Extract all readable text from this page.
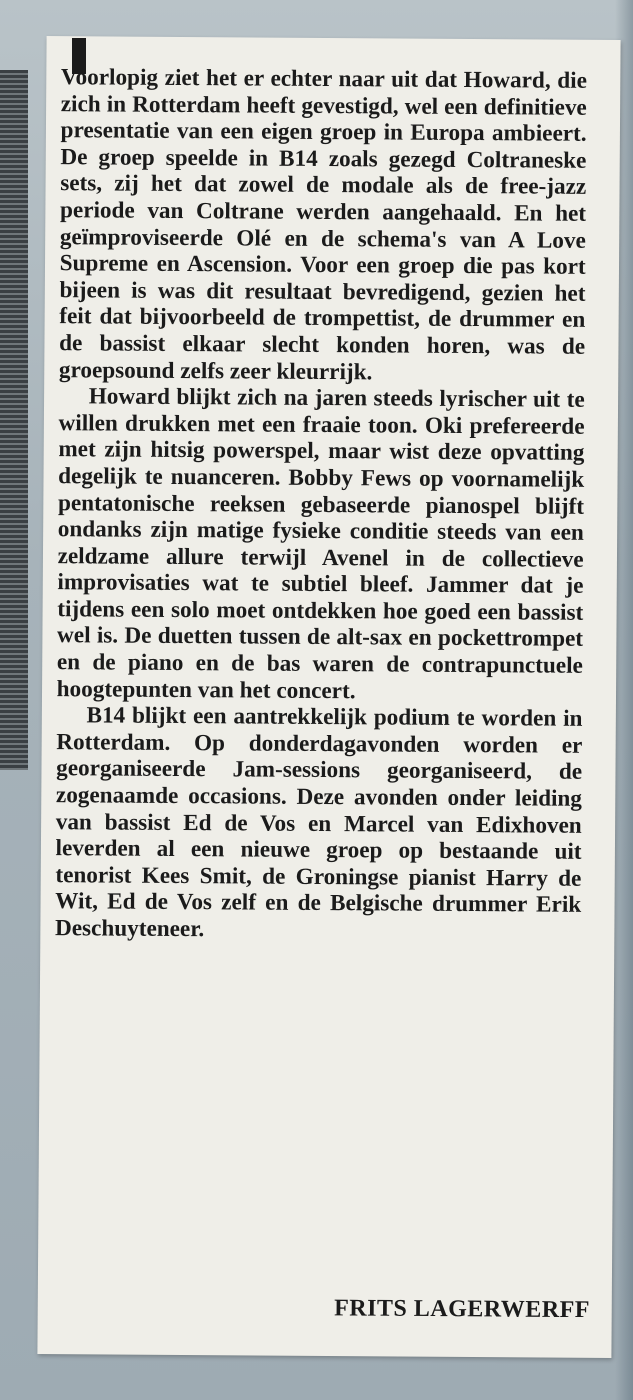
Voorlopig ziet het er echter naar uit dat Howard, die zich in Rotterdam heeft gevestigd, wel een definitieve presentatie van een eigen groep in Europa ambieert. De groep speelde in B14 zoals gezegd Coltraneske sets, zij het dat zowel de modale als de free-jazz periode van Coltrane werden aangehaald. En het geïmproviseerde Olé en de schema's van A Love Supreme en Ascension. Voor een groep die pas kort bijeen is was dit resultaat bevredigend, gezien het feit dat bijvoorbeeld de trompettist, de drummer en de bassist elkaar slecht konden horen, was de groepsound zelfs zeer kleurrijk.

Howard blijkt zich na jaren steeds lyrischer uit te willen drukken met een fraaie toon. Oki prefereerde met zijn hitsig powerspel, maar wist deze opvatting degelijk te nuanceren. Bobby Fews op voornamelijk pentatonische reeksen gebaseerde pianospel blijft ondanks zijn matige fysieke conditie steeds van een zeldzame allure terwijl Avenel in de collectieve improvisaties wat te subtiel bleef. Jammer dat je tijdens een solo moet ontdekken hoe goed een bassist wel is. De duetten tussen de alt-sax en pockettrompet en de piano en de bas waren de contrapunctuele hoogtepunten van het concert.

B14 blijkt een aantrekkelijk podium te worden in Rotterdam. Op donderdagavonden worden er georganiseerde Jam-sessions georganiseerd, de zogenaamde occasions. Deze avonden onder leiding van bassist Ed de Vos en Marcel van Edixhoven leverden al een nieuwe groep op bestaande uit tenorist Kees Smit, de Groningse pianist Harry de Wit, Ed de Vos zelf en de Belgische drummer Erik Deschuyteneer.

FRITS LAGERWERFF
